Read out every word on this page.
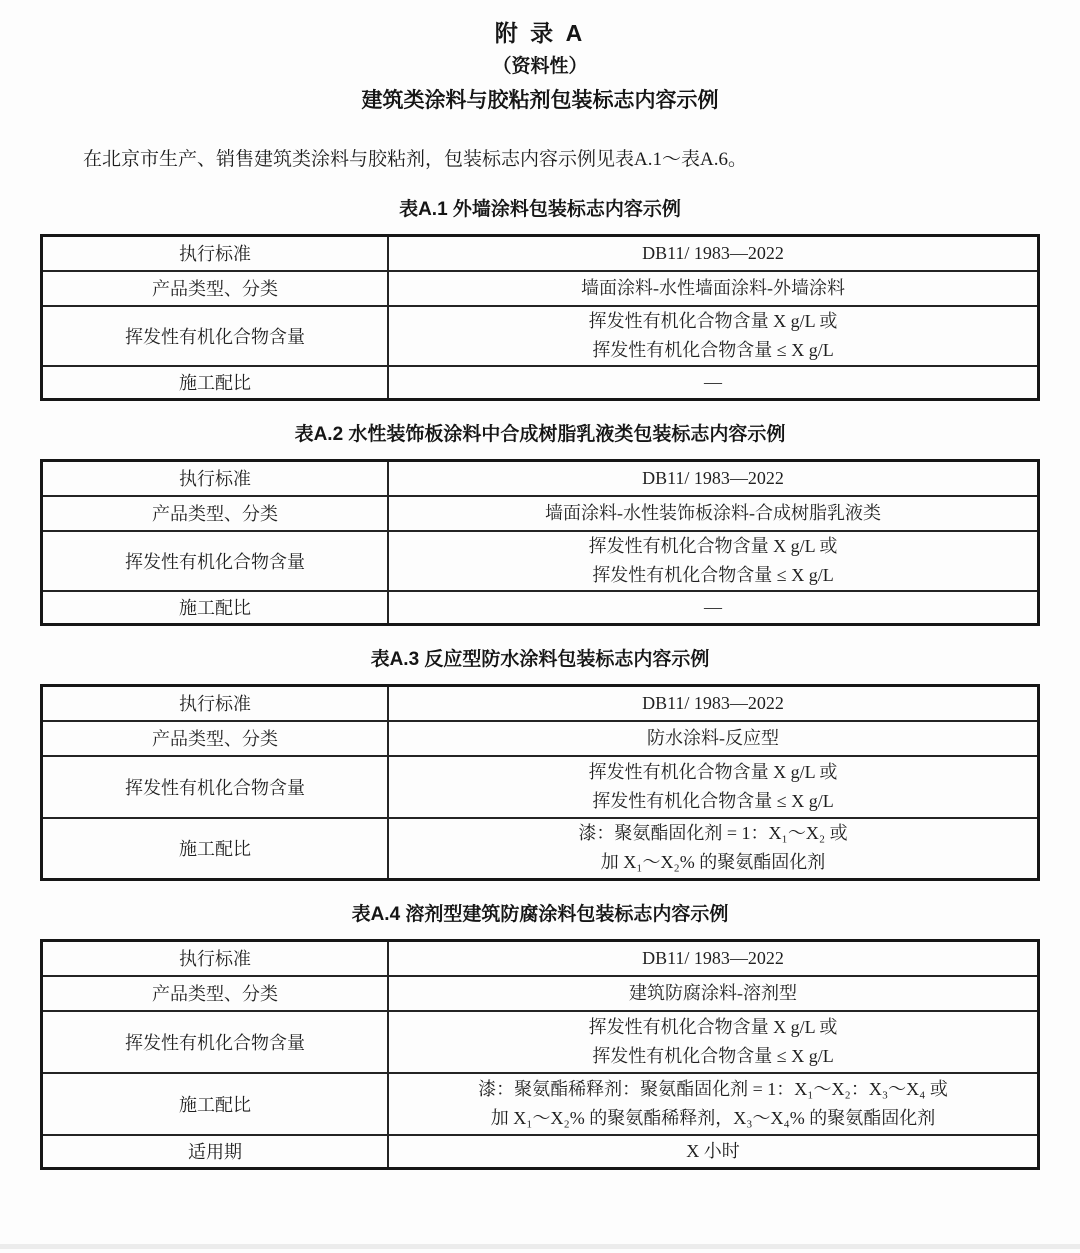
附 录 A
（资料性）
建筑类涂料与胶粘剂包装标志内容示例

在北京市生产、销售建筑类涂料与胶粘剂，包装标志内容示例见表A.1～表A.6。

表A.1 外墙涂料包装标志内容示例
执行标准	DB11/ 1983—2022

产品类型、分类	墙面涂料-水性墙面涂料-外墙涂料

挥发性有机化合物含量	挥发性有机化合物含量 X g/L 或
挥发性有机化合物含量 ≤ X g/L

施工配比	—
表A.2 水性装饰板涂料中合成树脂乳液类包装标志内容示例
执行标准	DB11/ 1983—2022

产品类型、分类	墙面涂料-水性装饰板涂料-合成树脂乳液类

挥发性有机化合物含量	挥发性有机化合物含量 X g/L 或
挥发性有机化合物含量 ≤ X g/L

施工配比	—
表A.3 反应型防水涂料包装标志内容示例
执行标准	DB11/ 1983—2022

产品类型、分类	防水涂料-反应型

挥发性有机化合物含量	挥发性有机化合物含量 X g/L 或
挥发性有机化合物含量 ≤ X g/L

施工配比	漆：聚氨酯固化剂 = 1：X₁～X₂ 或
加 X₁～X₂% 的聚氨酯固化剂
表A.4 溶剂型建筑防腐涂料包装标志内容示例
执行标准	DB11/ 1983—2022

产品类型、分类	建筑防腐涂料-溶剂型

挥发性有机化合物含量	挥发性有机化合物含量 X g/L 或
挥发性有机化合物含量 ≤ X g/L

施工配比	漆：聚氨酯稀释剂：聚氨酯固化剂 = 1：X₁～X₂：X₃～X₄ 或
加 X₁～X₂% 的聚氨酯稀释剂，X₃～X₄% 的聚氨酯固化剂

适用期	X 小时
